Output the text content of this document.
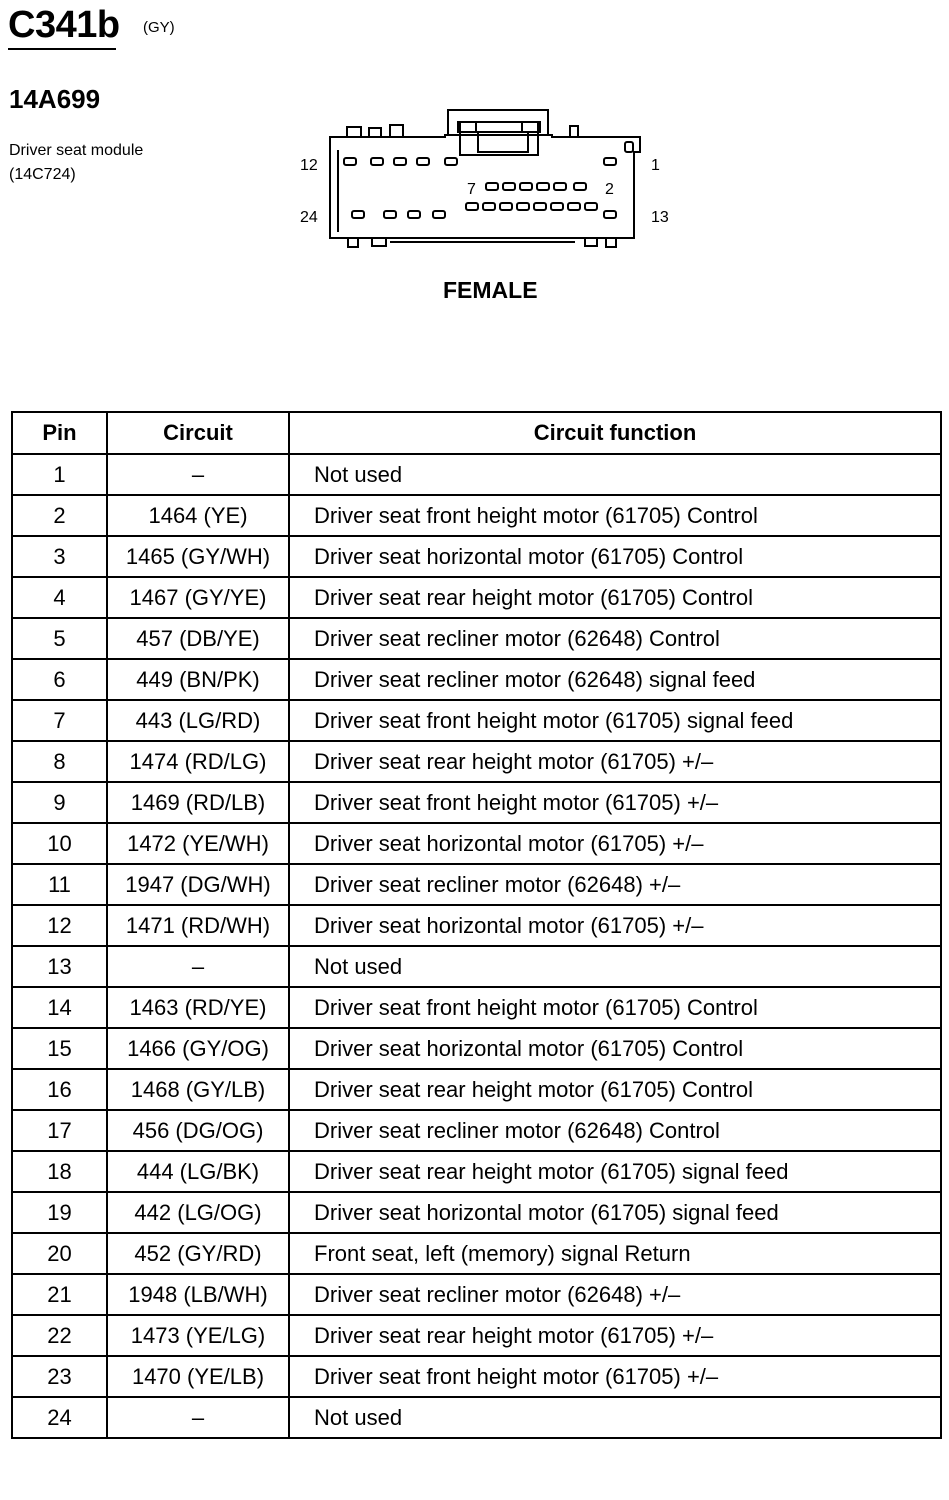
C341b (GY)
14A699
Driver seat module
(14C724)
12	1
7	2
24	13
FEMALE
Pin	Circuit	Circuit function
1	–	Not used
2	1464 (YE)	Driver seat front height motor (61705) Control
3	1465 (GY/WH)	Driver seat horizontal motor (61705) Control
4	1467 (GY/YE)	Driver seat rear height motor (61705) Control
5	457 (DB/YE)	Driver seat recliner motor (62648) Control
6	449 (BN/PK)	Driver seat recliner motor (62648) signal feed
7	443 (LG/RD)	Driver seat front height motor (61705) signal feed
8	1474 (RD/LG)	Driver seat rear height motor (61705) +/–
9	1469 (RD/LB)	Driver seat front height motor (61705) +/–
10	1472 (YE/WH)	Driver seat horizontal motor (61705) +/–
11	1947 (DG/WH)	Driver seat recliner motor (62648) +/–
12	1471 (RD/WH)	Driver seat horizontal motor (61705) +/–
13	–	Not used
14	1463 (RD/YE)	Driver seat front height motor (61705) Control
15	1466 (GY/OG)	Driver seat horizontal motor (61705) Control
16	1468 (GY/LB)	Driver seat rear height motor (61705) Control
17	456 (DG/OG)	Driver seat recliner motor (62648) Control
18	444 (LG/BK)	Driver seat rear height motor (61705) signal feed
19	442 (LG/OG)	Driver seat horizontal motor (61705) signal feed
20	452 (GY/RD)	Front seat, left (memory) signal Return
21	1948 (LB/WH)	Driver seat recliner motor (62648) +/–
22	1473 (YE/LG)	Driver seat rear height motor (61705) +/–
23	1470 (YE/LB)	Driver seat front height motor (61705) +/–
24	–	Not used
